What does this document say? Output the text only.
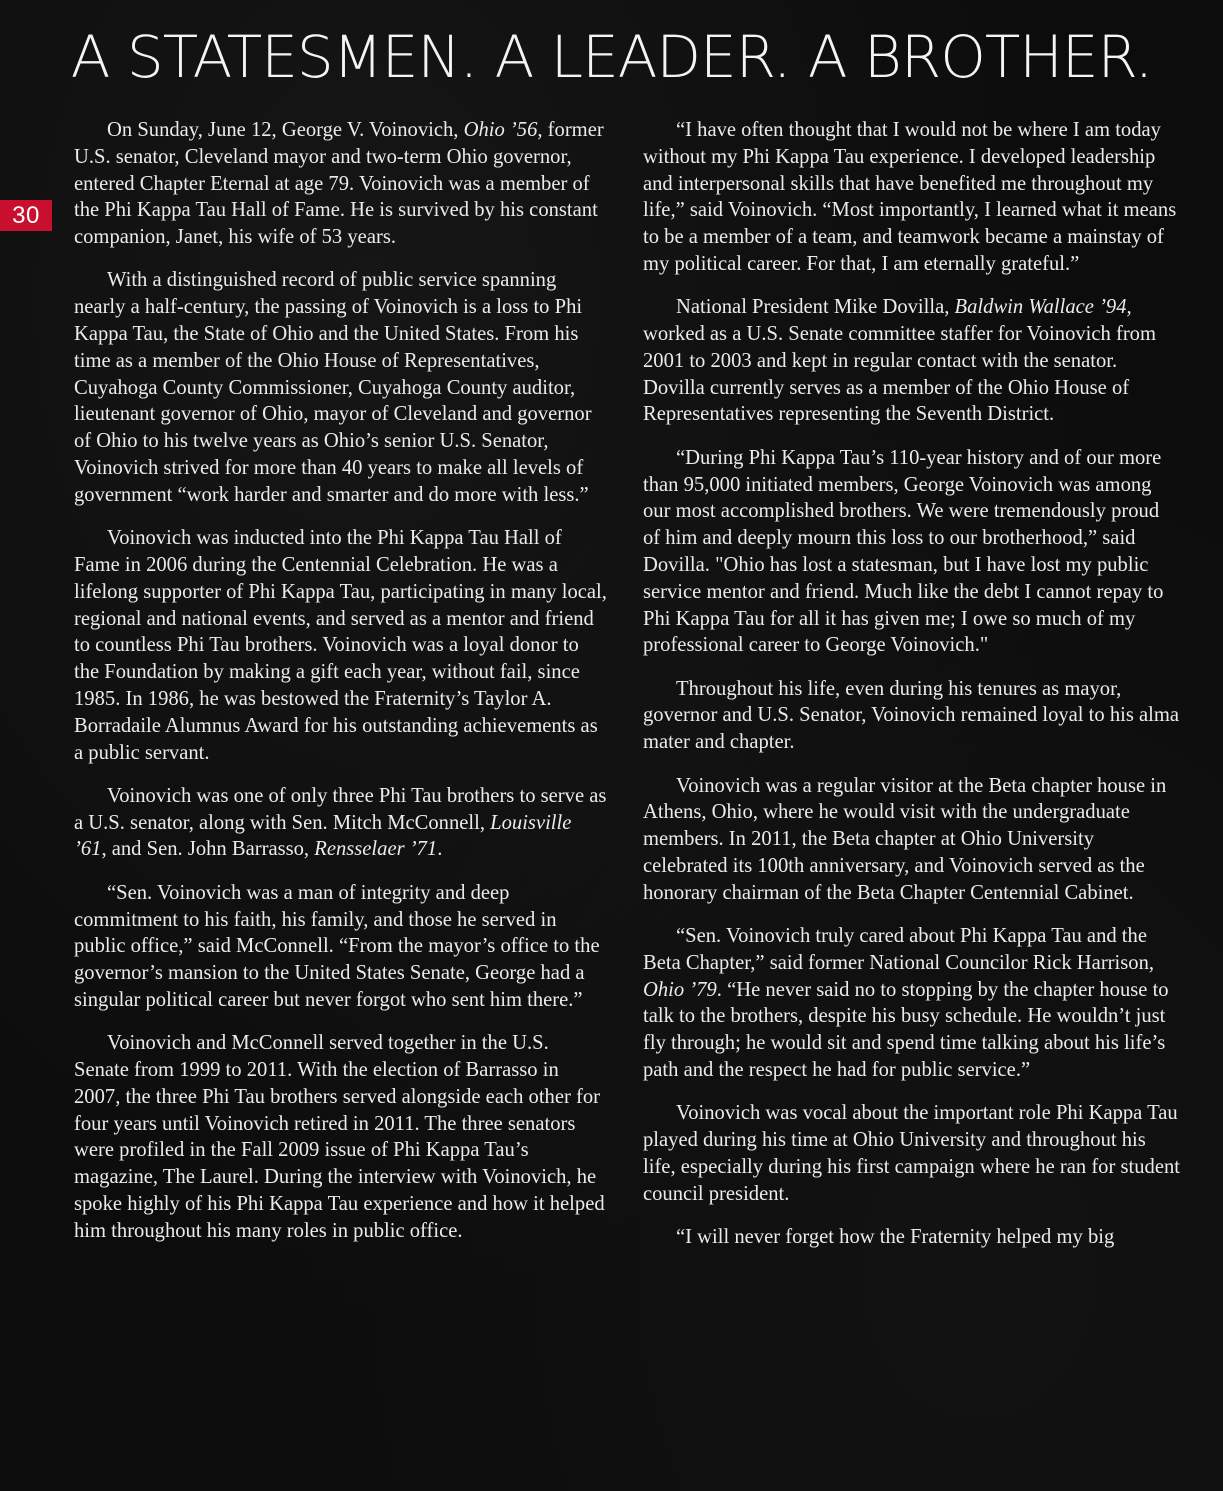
A STATESMEN. A LEADER. A BROTHER.
30

On Sunday, June 12, George V. Voinovich, Ohio ’56, former U.S. senator, Cleveland mayor and two-term Ohio governor, entered Chapter Eternal at age 79. Voinovich was a member of the Phi Kappa Tau Hall of Fame. He is survived by his constant companion, Janet, his wife of 53 years.

With a distinguished record of public service spanning nearly a half-century, the passing of Voinovich is a loss to Phi Kappa Tau, the State of Ohio and the United States. From his time as a member of the Ohio House of Representatives, Cuyahoga County Commissioner, Cuyahoga County auditor, lieutenant governor of Ohio, mayor of Cleveland and governor of Ohio to his twelve years as Ohio’s senior U.S. Senator, Voinovich strived for more than 40 years to make all levels of government “work harder and smarter and do more with less.”

Voinovich was inducted into the Phi Kappa Tau Hall of Fame in 2006 during the Centennial Celebration. He was a lifelong supporter of Phi Kappa Tau, participating in many local, regional and national events, and served as a mentor and friend to countless Phi Tau brothers. Voinovich was a loyal donor to the Foundation by making a gift each year, without fail, since 1985. In 1986, he was bestowed the Fraternity’s Taylor A. Borradaile Alumnus Award for his outstanding achievements as a public servant.

Voinovich was one of only three Phi Tau brothers to serve as a U.S. senator, along with Sen. Mitch McConnell, Louisville ’61, and Sen. John Barrasso, Rensselaer ’71.

“Sen. Voinovich was a man of integrity and deep commitment to his faith, his family, and those he served in public office,” said McConnell. “From the mayor’s office to the governor’s mansion to the United States Senate, George had a singular political career but never forgot who sent him there.”

Voinovich and McConnell served together in the U.S. Senate from 1999 to 2011. With the election of Barrasso in 2007, the three Phi Tau brothers served alongside each other for four years until Voinovich retired in 2011. The three senators were profiled in the Fall 2009 issue of Phi Kappa Tau’s magazine, The Laurel. During the interview with Voinovich, he spoke highly of his Phi Kappa Tau experience and how it helped him throughout his many roles in public office.

“I have often thought that I would not be where I am today without my Phi Kappa Tau experience. I developed leadership and interpersonal skills that have benefited me throughout my life,” said Voinovich. “Most importantly, I learned what it means to be a member of a team, and teamwork became a mainstay of my political career. For that, I am eternally grateful.”

National President Mike Dovilla, Baldwin Wallace ’94, worked as a U.S. Senate committee staffer for Voinovich from 2001 to 2003 and kept in regular contact with the senator. Dovilla currently serves as a member of the Ohio House of Representatives representing the Seventh District.

“During Phi Kappa Tau’s 110-year history and of our more than 95,000 initiated members, George Voinovich was among our most accomplished brothers. We were tremendously proud of him and deeply mourn this loss to our brotherhood,” said Dovilla. "Ohio has lost a statesman, but I have lost my public service mentor and friend. Much like the debt I cannot repay to Phi Kappa Tau for all it has given me; I owe so much of my professional career to George Voinovich."

Throughout his life, even during his tenures as mayor, governor and U.S. Senator, Voinovich remained loyal to his alma mater and chapter.

Voinovich was a regular visitor at the Beta chapter house in Athens, Ohio, where he would visit with the undergraduate members. In 2011, the Beta chapter at Ohio University celebrated its 100th anniversary, and Voinovich served as the honorary chairman of the Beta Chapter Centennial Cabinet.

“Sen. Voinovich truly cared about Phi Kappa Tau and the Beta Chapter,” said former National Councilor Rick Harrison, Ohio ’79. “He never said no to stopping by the chapter house to talk to the brothers, despite his busy schedule. He wouldn’t just fly through; he would sit and spend time talking about his life’s path and the respect he had for public service.”

Voinovich was vocal about the important role Phi Kappa Tau played during his time at Ohio University and throughout his life, especially during his first campaign where he ran for student council president.

“I will never forget how the Fraternity helped my big
